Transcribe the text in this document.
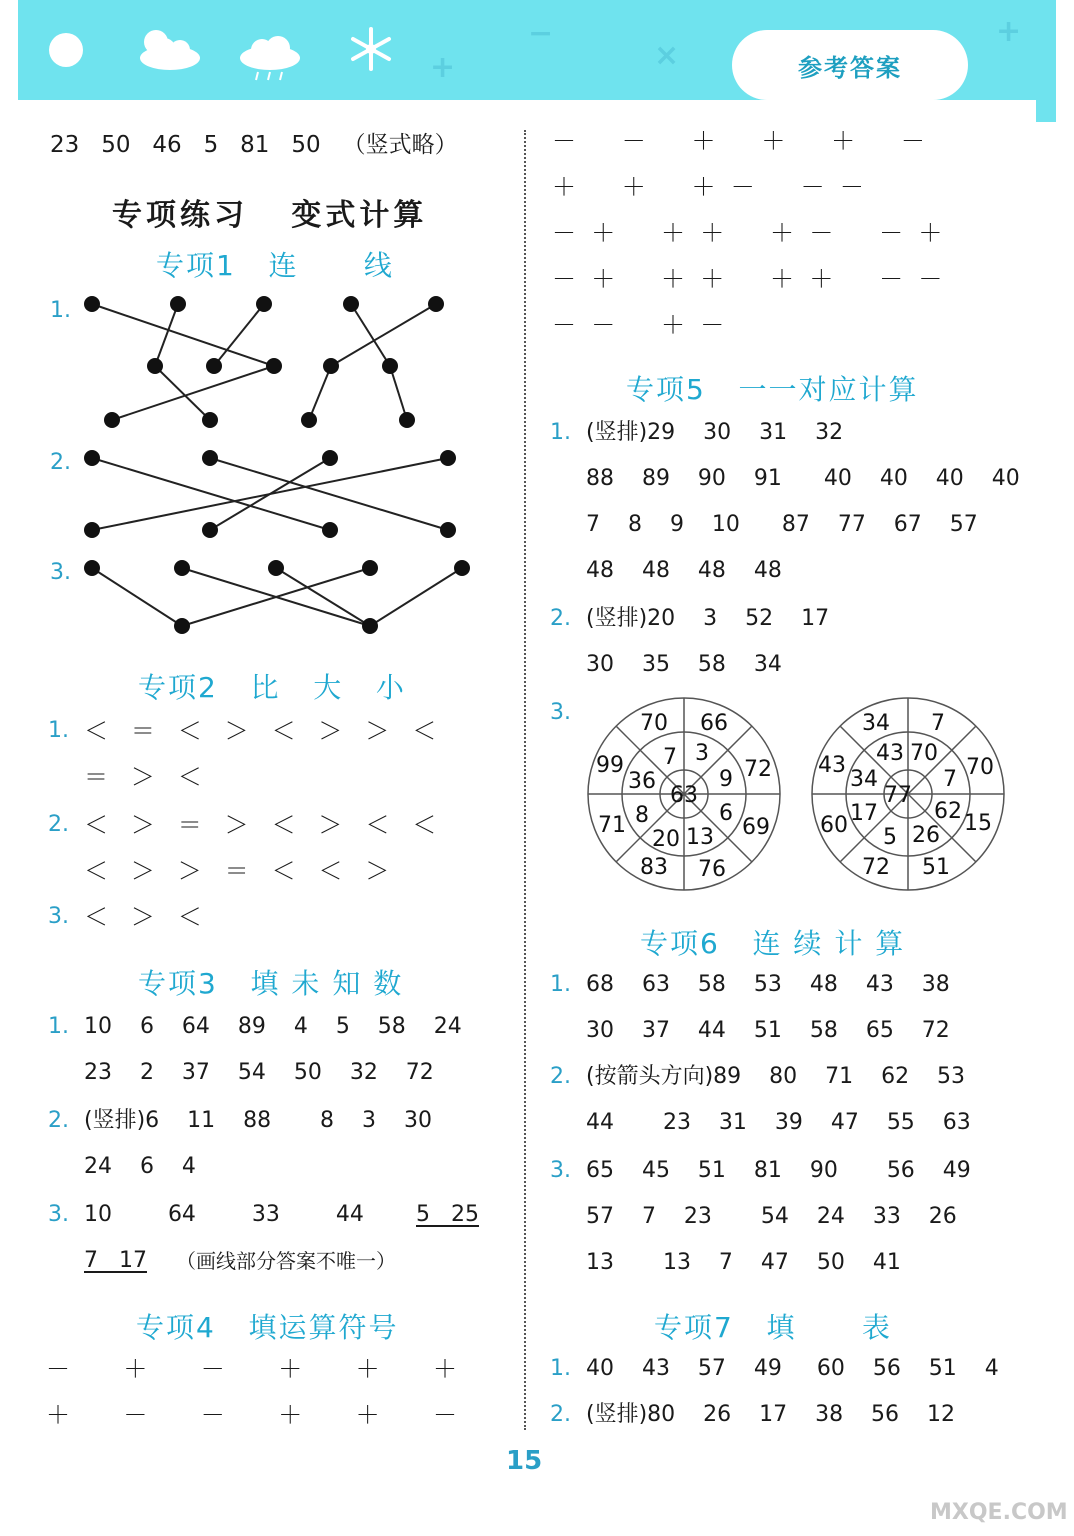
−
+	×
+
参考答案
23   50   46   5   81   50   （竖式略）
专项练习   变式计算
专项1   连      线
1.
2.
3.
专项2   比   大   小
1. ＜   ＝   ＜   ＞   ＜   ＞   ＞   ＜
＝   ＞   ＜
2. ＜   ＞   ＝   ＞   ＜   ＞   ＜   ＜
＜   ＞   ＞   ＝   ＜   ＜   ＞
3. ＜   ＞   ＜
专项3   填 未 知 数
1. 10    6    64    89    4    5    58    24
23    2    37    54    50    32    72
2. (竖排)6    11    88       8    3    30
24    6    4
3. 10        64        33        44 5   25
7   17 （画线部分答案不唯一）
专项4   填运算符号
－       ＋       －       ＋       ＋       ＋
＋       －       －       ＋       ＋       －
－      －      ＋      ＋      ＋      －
＋      ＋      ＋  －      －  －
－  ＋      ＋  ＋      ＋  －      －  ＋
－  ＋      ＋  ＋      ＋  ＋      －  －
－  －      ＋  －
专项5   一一对应计算
1. (竖排)29    30    31    32
88    89    90    91      40    40    40    40
7    8    9    10      87    77    67    57
48    48    48    48
2. (竖排)20    3    52    17
30    35    58    34
3.
63
7 3
9
6
13
20
8
36
70 66
72
69
76
83
71
99
77
43 70
7
62
26
5
17
34
34 7
70
15
51
72
60
43
专项6   连 续 计 算
1. 68    63    58    53    48    43    38
30    37    44    51    58    65    72
2. (按箭头方向)89    80    71    62    53
44       23    31    39    47    55    63
3. 65    45    51    81    90       56    49
57    7    23       54    24    33    26
13       13    7    47    50    41
专项7   填      表
1. 40    43    57    49     60    56    51    4
2. (竖排)80    26    17    38    56    12
15
MXQE.COM
